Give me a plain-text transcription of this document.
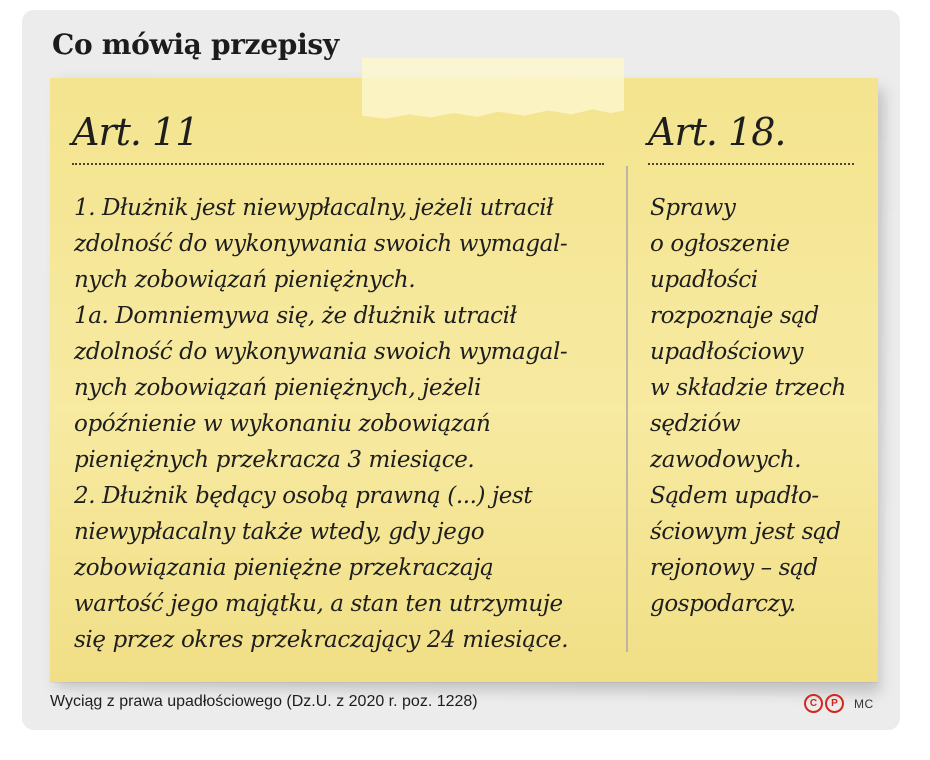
Co mówią przepisy
Art. 11
1. Dłużnik jest niewypłacalny, jeżeli utracił
zdolność do wykonywania swoich wymagal-
nych zobowiązań pieniężnych.
1a. Domniemywa się, że dłużnik utracił
zdolność do wykonywania swoich wymagal-
nych zobowiązań pieniężnych, jeżeli
opóźnienie w wykonaniu zobowiązań
pieniężnych przekracza 3 miesiące.
2. Dłużnik będący osobą prawną (...) jest
niewypłacalny także wtedy, gdy jego
zobowiązania pieniężne przekraczają
wartość jego majątku, a stan ten utrzymuje
się przez okres przekraczający 24 miesiące.
Art. 18.
Sprawy
o ogłoszenie
upadłości
rozpoznaje sąd
upadłościowy
w składzie trzech
sędziów
zawodowych.
Sądem upadło-
ściowym jest sąd
rejonowy – sąd
gospodarczy.
Wyciąg z prawa upadłościowego (Dz.U. z 2020 r. poz. 1228)	C	P	MC
